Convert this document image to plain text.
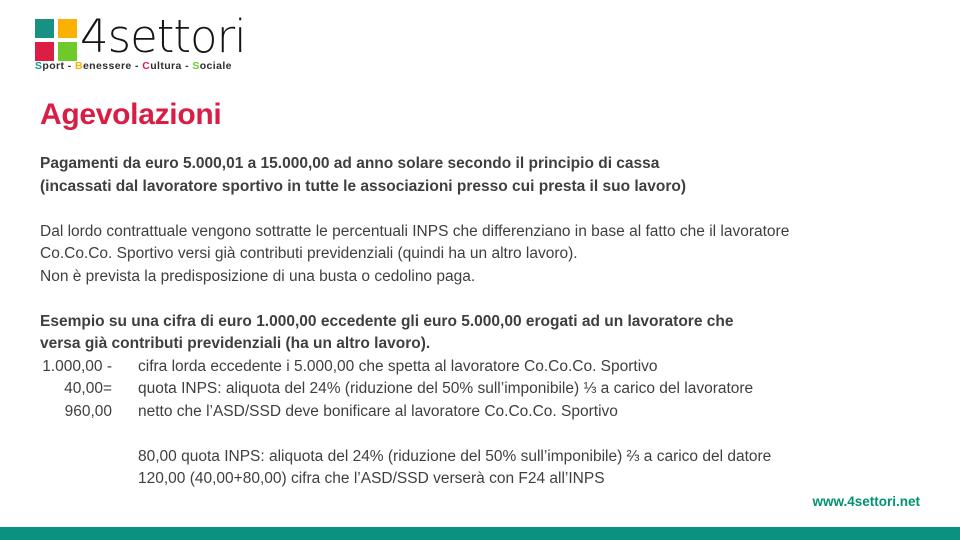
4settori
Sport - Benessere - Cultura - Sociale
Agevolazioni
Pagamenti da euro 5.000,01 a 15.000,00 ad anno solare secondo il principio di cassa
(incassati dal lavoratore sportivo in tutte le associazioni presso cui presta il suo lavoro)
Dal lordo contrattuale vengono sottratte le percentuali INPS che differenziano in base al fatto che il lavoratore
Co.Co.Co. Sportivo versi già contributi previdenziali (quindi ha un altro lavoro).
Non è prevista la predisposizione di una busta o cedolino paga.
Esempio su una cifra di euro 1.000,00 eccedente gli euro 5.000,00 erogati ad un lavoratore che
versa già contributi previdenziali (ha un altro lavoro).
1.000,00 - cifra lorda eccedente i 5.000,00 che spetta al lavoratore Co.Co.Co. Sportivo
40,00= quota INPS: aliquota del 24% (riduzione del 50% sull’imponibile) ⅓ a carico del lavoratore
960,00 netto che l’ASD/SSD deve bonificare al lavoratore Co.Co.Co. Sportivo
80,00 quota INPS: aliquota del 24% (riduzione del 50% sull’imponibile) ⅔ a carico del datore
120,00 (40,00+80,00) cifra che l’ASD/SSD verserà con F24 all’INPS
www.4settori.net
